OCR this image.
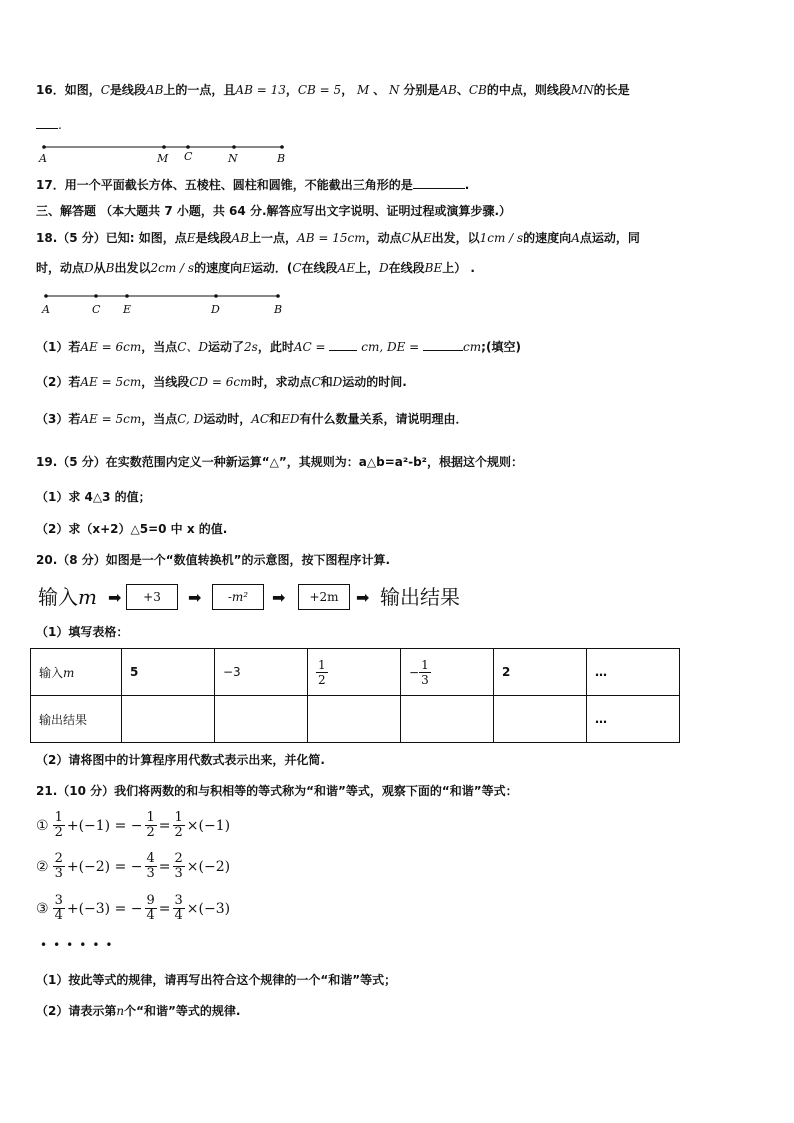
16．如图，C是线段AB上的一点，且AB = 13，CB = 5， M 、 N 分别是AB、CB的中点，则线段MN的长是
.
A	M C	N	B
17．用一个平面截长方体、五棱柱、圆柱和圆锥，不能截出三角形的是	.
三、解答题 （本大题共 7 小题，共 64 分.解答应写出文字说明、证明过程或演算步骤.）
18.（5 分）已知: 如图，点E是线段AB上一点，AB = 15cm，动点C从E出发，以1cm / s的速度向A点运动，同
时，动点D从B出发以2cm / s的速度向E运动．(C在线段AE上，D在线段BE上） .
A	C E	D	B
（1）若AE = 6cm，当点C、D运动了2s，此时AC =	cm, DE =	cm;(填空)
（2）若AE = 5cm，当线段CD = 6cm时，求动点C和D运动的时间.
（3）若AE = 5cm，当点C, D运动时，AC和ED有什么数量关系，请说明理由．
19.（5 分）在实数范围内定义一种新运算“△”，其规则为：a△b=a²-b²，根据这个规则：
（1）求 4△3 的值；
（2）求（x+2）△5=0 中 x 的值.
20.（8 分）如图是一个“数值转换机”的示意图，按下图程序计算.
输入m ➡	+3	➡	-m²	➡	+2m	➡ 输出结果
（1）填写表格：
输入m	5	−3	$\frac{1}{2}$	− $\frac{1}{3}$	2	…
输出结果						…
（2）请将图中的计算程序用代数式表示出来，并化简.
21.（10 分）我们将两数的和与积相等的等式称为“和谐”等式，观察下面的“和谐”等式：
① $\frac{1}{2} +(-1)$ = − $\frac{1}{2} = \frac{1}{2} \times(-1)$
② $\frac{2}{3} +(-2)$ = − $\frac{4}{3} = \frac{2}{3} \times(-2)$
③ $\frac{3}{4} +(-3)$ = − $\frac{9}{4} = \frac{3}{4} \times(-3)$
••••••
（1）按此等式的规律，请再写出符合这个规律的一个“和谐”等式；
（2）请表示第n个“和谐”等式的规律.
